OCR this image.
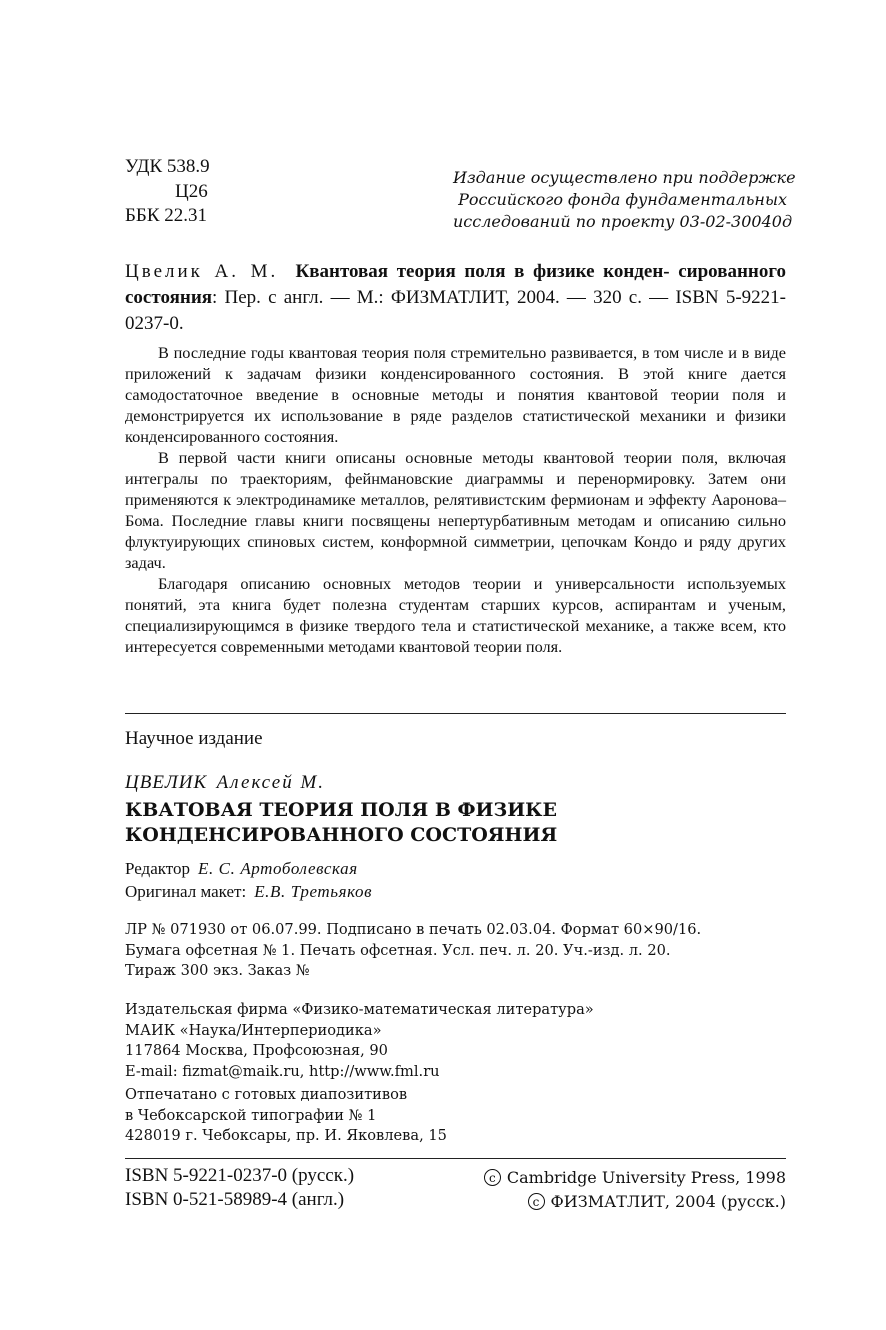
УДК 538.9
Ц26
ББК 22.31
Издание осуществлено при поддержке
Российского фонда фундаментальных
исследований по проекту 03-02-30040д
Цвелик А. М. Квантовая теория поля в физике конден- сированного состояния: Пер. с англ. — М.: ФИЗМАТЛИТ, 2004. — 320 с. — ISBN 5-9221-0237-0.

В последние годы квантовая теория поля стремительно развивается, в том числе и в виде приложений к задачам физики конденсированного состояния. В этой книге дается самодостаточное введение в основные методы и понятия квантовой теории поля и демонстрируется их использование в ряде разделов статистической механики и физики конденсированного состояния.

В первой части книги описаны основные методы квантовой теории поля, включая интегралы по траекториям, фейнмановские диаграммы и перенормировку. Затем они применяются к электродинамике металлов, релятивистским фермионам и эффекту Ааронова–Бома. Последние главы книги посвящены непертурбативным методам и описанию сильно флуктуирующих спиновых систем, конформной симметрии, цепочкам Кондо и ряду других задач.

Благодаря описанию основных методов теории и универсальности используемых понятий, эта книга будет полезна студентам старших курсов, аспирантам и ученым, специализирующимся в физике твердого тела и статистической механике, а также всем, кто интересуется современными методами квантовой теории поля.

Научное издание
ЦВЕЛИК Алексей М.
КВАТОВАЯ ТЕОРИЯ ПОЛЯ В ФИЗИКЕ
КОНДЕНСИРОВАННОГО СОСТОЯНИЯ
Редактор Е. С. Артоболевская
Оригинал макет: Е.В. Третьяков
ЛР № 071930 от 06.07.99. Подписано в печать 02.03.04. Формат 60×90/16.
Бумага офсетная № 1. Печать офсетная. Усл. печ. л. 20. Уч.-изд. л. 20.
Тираж 300 экз. Заказ №
Издательская фирма «Физико-математическая литература»
МАИК «Наука/Интерпериодика»
117864 Москва, Профсоюзная, 90
E-mail: fizmat@maik.ru, http://www.fml.ru
Отпечатано с готовых диапозитивов
в Чебоксарской типографии № 1
428019 г. Чебоксары, пр. И. Яковлева, 15
ISBN 5-9221-0237-0 (русск.)
ISBN 0-521-58989-4 (англ.)
c Cambridge University Press, 1998
c ФИЗМАТЛИТ, 2004 (русск.)
